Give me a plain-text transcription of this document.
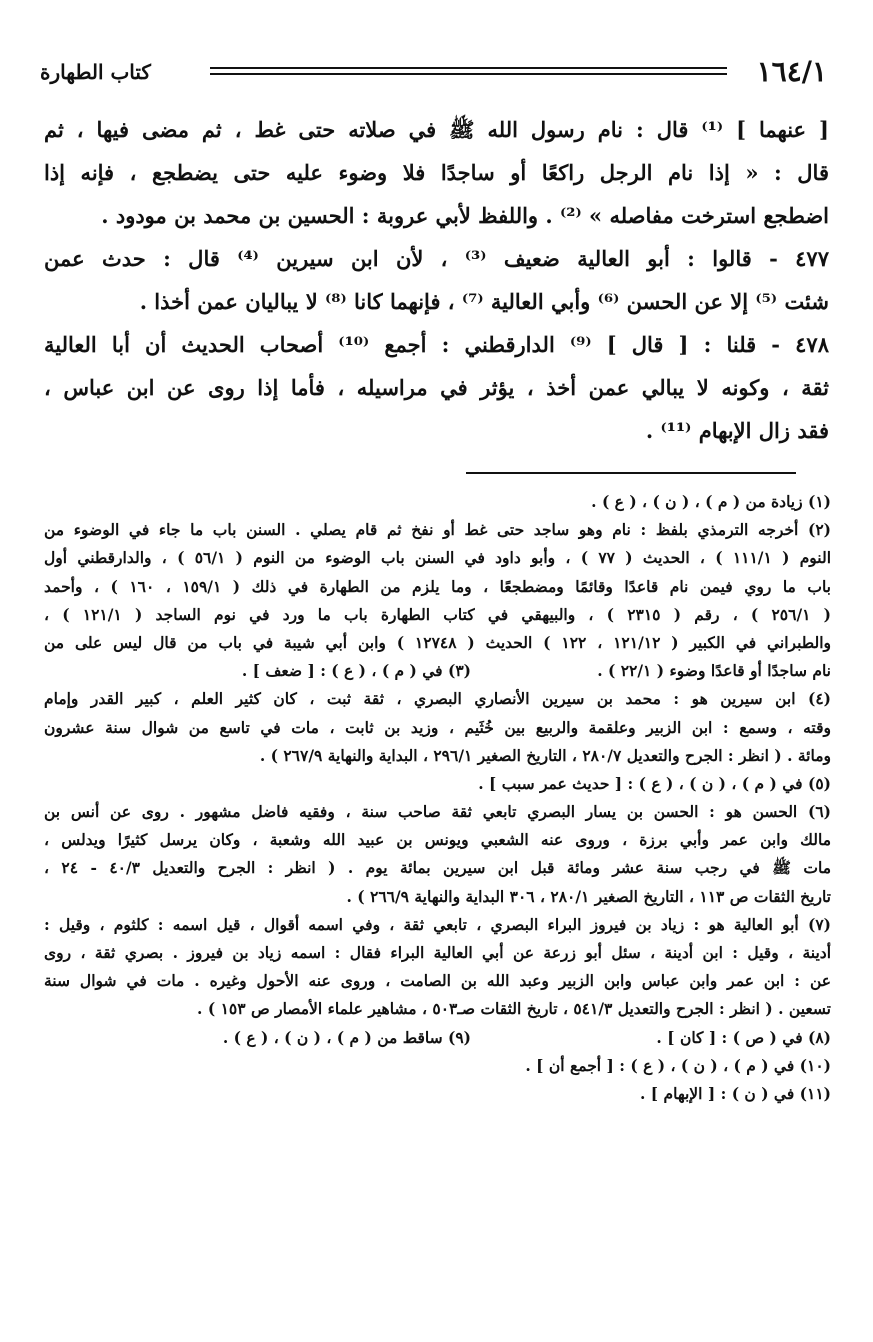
١٦٤/١
كتاب الطهارة
[ عنهما ] ⁽¹⁾ قال : نام رسول الله ﷺ في صلاته حتى غط ، ثم مضى فيها ، ثم
قال : « إذا نام الرجل راكعًا أو ساجدًا فلا وضوء عليه حتى يضطجع ، فإنه إذا
اضطجع استرخت مفاصله » ⁽²⁾ . واللفظ لأبي عروبة : الحسين بن محمد بن مودود .
٤٧٧ - قالوا : أبو العالية ضعيف ⁽³⁾ ، لأن ابن سيرين ⁽⁴⁾ قال : حدث عمن
شئت ⁽⁵⁾ إلا عن الحسن ⁽⁶⁾ وأبي العالية ⁽⁷⁾ ، فإنهما كانا ⁽⁸⁾ لا يباليان عمن أخذا .
٤٧٨ - قلنا : [ قال ] ⁽⁹⁾ الدارقطني : أجمع ⁽¹⁰⁾ أصحاب الحديث أن أبا العالية
ثقة ، وكونه لا يبالي عمن أخذ ، يؤثر في مراسيله ، فأما إذا روى عن ابن عباس ،
فقد زال الإبهام ⁽¹¹⁾ .
(١) زيادة من ( م ) ، ( ن ) ، ( ع ) .
(٢) أخرجه الترمذي بلفظ : نام وهو ساجد حتى غط أو نفخ ثم قام يصلي . السنن باب ما جاء في الوضوء من
النوم ( ١١١/١ ) ، الحديث ( ٧٧ ) ، وأبو داود في السنن باب الوضوء من النوم ( ٥٦/١ ) ، والدارقطني أول
باب ما روي فيمن نام قاعدًا وقائمًا ومضطجعًا ، وما يلزم من الطهارة في ذلك ( ١٥٩/١ ، ١٦٠ ) ، وأحمد
( ٢٥٦/١ ) ، رقم ( ٢٣١٥ ) ، والبيهقي في كتاب الطهارة باب ما ورد في نوم الساجد ( ١٢١/١ ) ،
والطبراني في الكبير ( ١٢١/١٢ ، ١٢٢ ) الحديث ( ١٢٧٤٨ ) وابن أبي شيبة في باب من قال ليس على من
نام ساجدًا أو قاعدًا وضوء ( ٢٢/١ ) .
(٣) في ( م ) ، ( ع ) : [ ضعف ] .
(٤) ابن سيرين هو : محمد بن سيرين الأنصاري البصري ، ثقة ثبت ، كان كثير العلم ، كبير القدر وإمام
وقته ، وسمع : ابن الزبير وعلقمة والربيع بين خُثَيم ، وزيد بن ثابت ، مات في تاسع من شوال سنة عشرون
ومائة . ( انظر : الجرح والتعديل ٢٨٠/٧ ، التاريخ الصغير ٢٩٦/١ ، البداية والنهاية ٢٦٧/٩ ) .
(٥) في ( م ) ، ( ن ) ، ( ع ) : [ حديث عمر سبب ] .
(٦) الحسن هو : الحسن بن يسار البصري تابعي ثقة صاحب سنة ، وفقيه فاضل مشهور . روى عن أنس بن
مالك وابن عمر وأبي برزة ، وروى عنه الشعبي ويونس بن عبيد الله وشعبة ، وكان يرسل كثيرًا ويدلس ،
مات ﷺ في رجب سنة عشر ومائة قبل ابن سيرين بمائة يوم . ( انظر : الجرح والتعديل ٤٠/٣ - ٢٤ ،
تاريخ الثقات ص ١١٣ ، التاريخ الصغير ٢٨٠/١ ، ٣٠٦ البداية والنهاية ٢٦٦/٩ ) .
(٧) أبو العالية هو : زياد بن فيروز البراء البصري ، تابعي ثقة ، وفي اسمه أقوال ، قيل اسمه : كلثوم ، وقيل :
أدينة ، وقيل : ابن أدينة ، سئل أبو زرعة عن أبي العالية البراء فقال : اسمه زياد بن فيروز . بصري ثقة ، روى
عن : ابن عمر وابن عباس وابن الزبير وعبد الله بن الصامت ، وروى عنه الأحول وغيره . مات في شوال سنة
تسعين . ( انظر : الجرح والتعديل ٥٤١/٣ ، تاريخ الثقات صـ٥٠٣ ، مشاهير علماء الأمصار ص ١٥٣ ) .
(٨) في ( ص ) : [ كان ] .
(٩) ساقط من ( م ) ، ( ن ) ، ( ع ) .
(١٠) في ( م ) ، ( ن ) ، ( ع ) : [ أجمع أن ] .
(١١) في ( ن ) : [ الإبهام ] .
